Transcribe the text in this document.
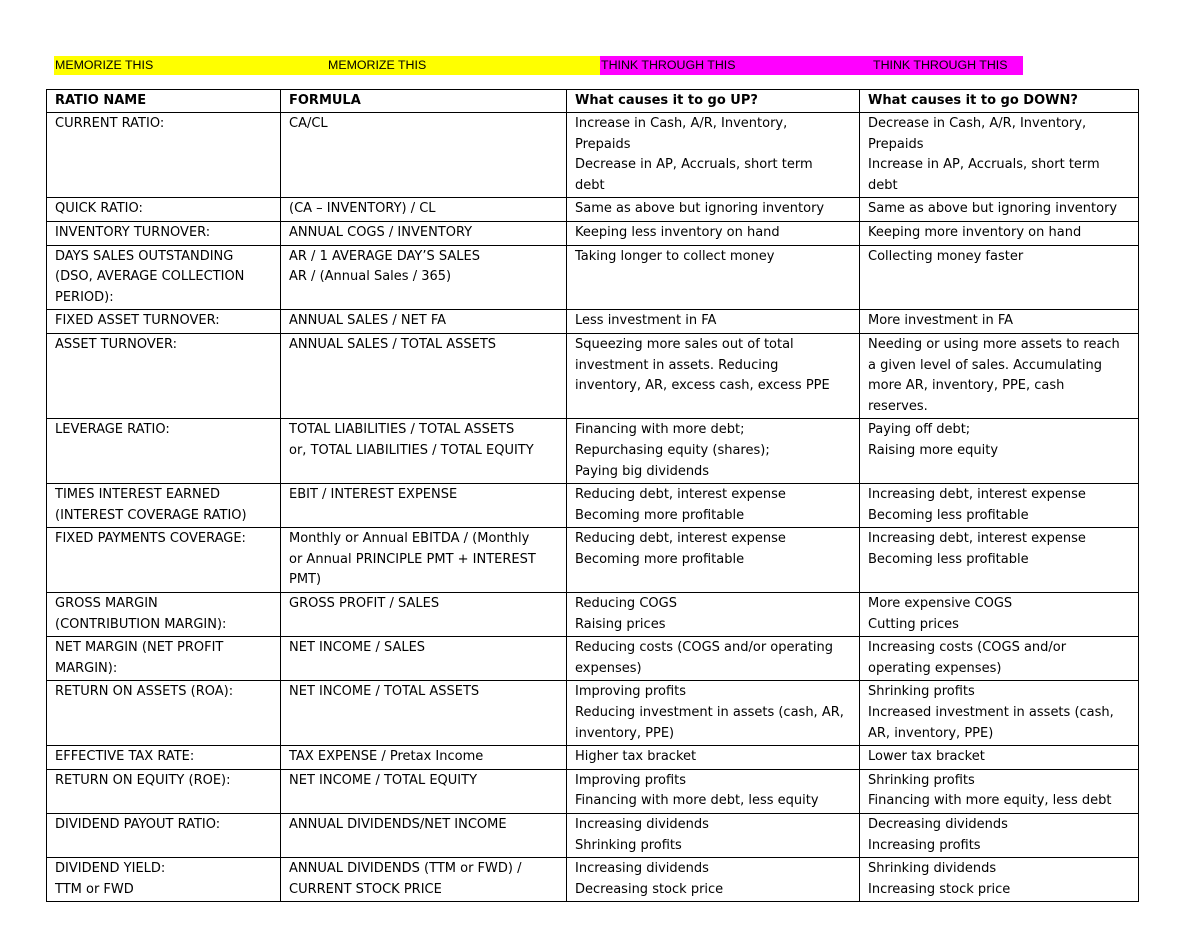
MEMORIZE THIS	MEMORIZE THIS	THINK THROUGH THIS	THINK THROUGH THIS
RATIO NAME	FORMULA	What causes it to go UP?	What causes it to go DOWN?

CURRENT RATIO:	CA/CL	Increase in Cash, A/R, Inventory,
Prepaids
Decrease in AP, Accruals, short term
debt	Decrease in Cash, A/R, Inventory,
Prepaids
Increase in AP, Accruals, short term
debt

QUICK RATIO:	(CA – INVENTORY) / CL	Same as above but ignoring inventory	Same as above but ignoring inventory

INVENTORY TURNOVER:	ANNUAL COGS / INVENTORY	Keeping less inventory on hand	Keeping more inventory on hand

DAYS SALES OUTSTANDING
(DSO, AVERAGE COLLECTION
PERIOD):	AR / 1 AVERAGE DAY’S SALES
AR / (Annual Sales / 365)	Taking longer to collect money	Collecting money faster

FIXED ASSET TURNOVER:	ANNUAL SALES / NET FA	Less investment in FA	More investment in FA

ASSET TURNOVER:	ANNUAL SALES / TOTAL ASSETS	Squeezing more sales out of total
investment in assets. Reducing
inventory, AR, excess cash, excess PPE	Needing or using more assets to reach
a given level of sales. Accumulating
more AR, inventory, PPE, cash
reserves.

LEVERAGE RATIO:	TOTAL LIABILITIES / TOTAL ASSETS
or, TOTAL LIABILITIES / TOTAL EQUITY	Financing with more debt;
Repurchasing equity (shares);
Paying big dividends	Paying off debt;
Raising more equity

TIMES INTEREST EARNED
(INTEREST COVERAGE RATIO)	EBIT / INTEREST EXPENSE	Reducing debt, interest expense
Becoming more profitable	Increasing debt, interest expense
Becoming less profitable

FIXED PAYMENTS COVERAGE:	Monthly or Annual EBITDA / (Monthly
or Annual PRINCIPLE PMT + INTEREST
PMT)	Reducing debt, interest expense
Becoming more profitable	Increasing debt, interest expense
Becoming less profitable

GROSS MARGIN
(CONTRIBUTION MARGIN):	GROSS PROFIT / SALES	Reducing COGS
Raising prices	More expensive COGS
Cutting prices

NET MARGIN (NET PROFIT
MARGIN):	NET INCOME / SALES	Reducing costs (COGS and/or operating
expenses)	Increasing costs (COGS and/or
operating expenses)

RETURN ON ASSETS (ROA):	NET INCOME / TOTAL ASSETS	Improving profits
Reducing investment in assets (cash, AR,
inventory, PPE)	Shrinking profits
Increased investment in assets (cash,
AR, inventory, PPE)

EFFECTIVE TAX RATE:	TAX EXPENSE / Pretax Income	Higher tax bracket	Lower tax bracket

RETURN ON EQUITY (ROE):	NET INCOME / TOTAL EQUITY	Improving profits
Financing with more debt, less equity	Shrinking profits
Financing with more equity, less debt

DIVIDEND PAYOUT RATIO:	ANNUAL DIVIDENDS/NET INCOME	Increasing dividends
Shrinking profits	Decreasing dividends
Increasing profits

DIVIDEND YIELD:
TTM or FWD	ANNUAL DIVIDENDS (TTM or FWD) /
CURRENT STOCK PRICE	Increasing dividends
Decreasing stock price	Shrinking dividends
Increasing stock price
